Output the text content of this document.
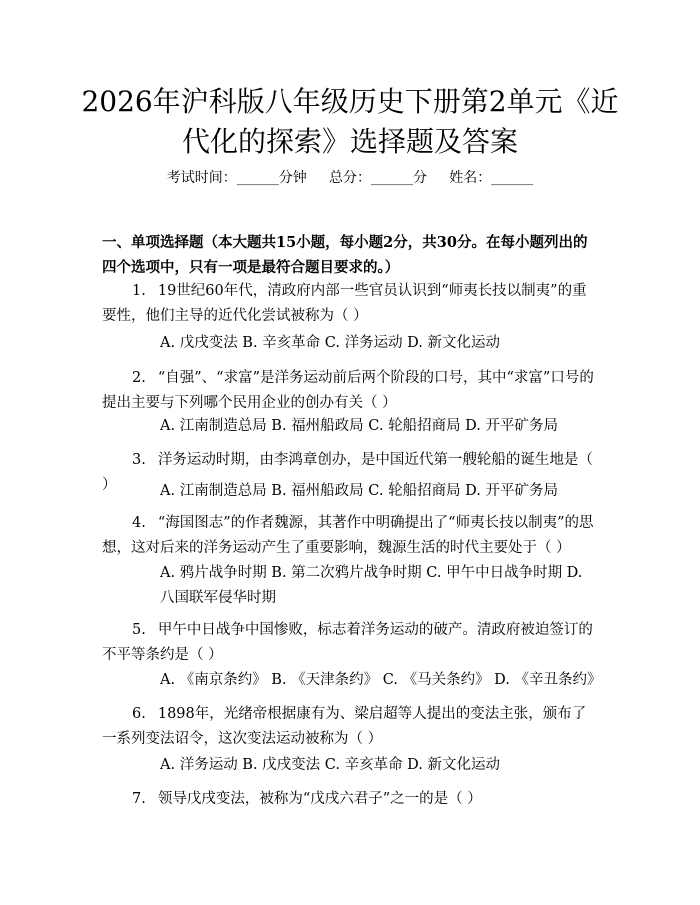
2026年沪科版八年级历史下册第2单元《近代化的探索》选择题及答案
考试时间：______分钟     总分：______分     姓名：______
一、单项选择题（本大题共15小题，每小题2分，共30分。在每小题列出的四个选项中，只有一项是最符合题目要求的。）
1. 19世纪60年代，清政府内部一些官员认识到“师夷长技以制夷”的重要性，他们主导的近代化尝试被称为（ ）
A. 戊戌变法 B. 辛亥革命 C. 洋务运动 D. 新文化运动
2. “自强”、“求富”是洋务运动前后两个阶段的口号，其中“求富”口号的提出主要与下列哪个民用企业的创办有关（ ）
A. 江南制造总局 B. 福州船政局 C. 轮船招商局 D. 开平矿务局
3. 洋务运动时期，由李鸿章创办，是中国近代第一艘轮船的诞生地是（ ）	A. 江南制造总局 B. 福州船政局 C. 轮船招商局 D. 开平矿务局
4. “海国图志”的作者魏源，其著作中明确提出了“师夷长技以制夷”的思想，这对后来的洋务运动产生了重要影响，魏源生活的时代主要处于（ ）
A. 鸦片战争时期 B. 第二次鸦片战争时期 C. 甲午中日战争时期 D. 八国联军侵华时期
5. 甲午中日战争中国惨败，标志着洋务运动的破产。清政府被迫签订的不平等条约是（ ）
A. 《南京条约》 B. 《天津条约》 C. 《马关条约》 D. 《辛丑条约》
6. 1898年，光绪帝根据康有为、梁启超等人提出的变法主张，颁布了一系列变法诏令，这次变法运动被称为（ ）
A. 洋务运动 B. 戊戌变法 C. 辛亥革命 D. 新文化运动
7. 领导戊戌变法，被称为“戊戌六君子”之一的是（ ）
